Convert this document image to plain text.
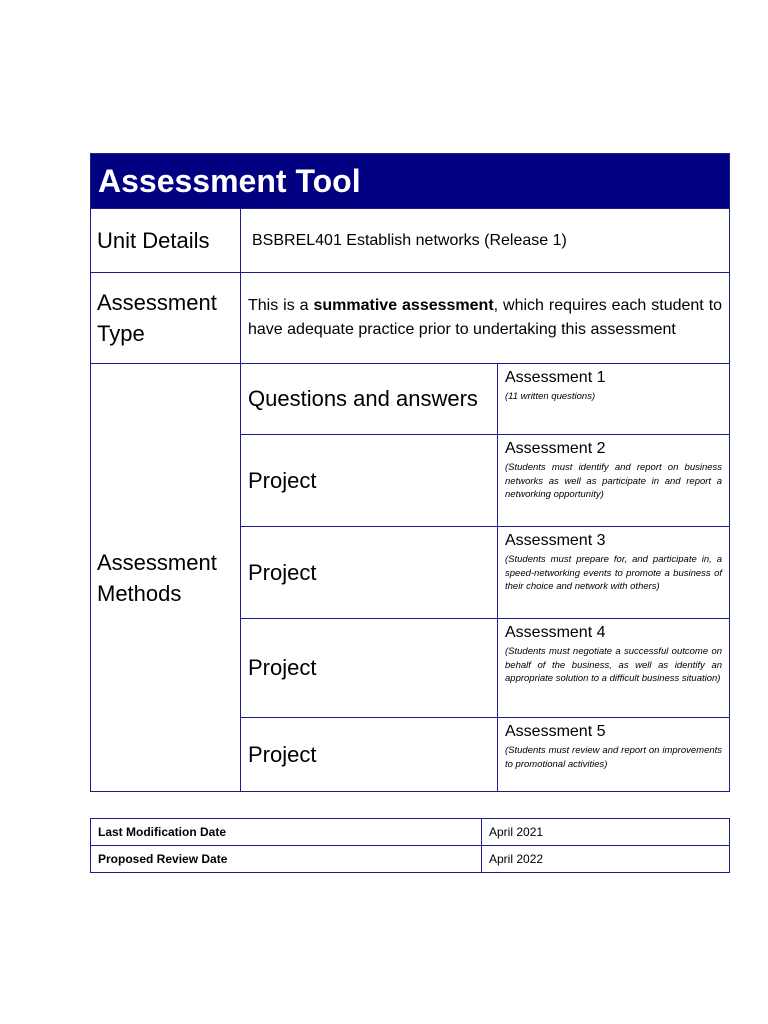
Assessment Tool		
Unit Details	BSBREL401 Establish networks (Release 1)	
Assessment Type	This is a summative assessment, which requires each student to have adequate practice prior to undertaking this assessment	
Assessment Methods	Questions and answers	Assessment 1
(11 written questions)

	Project	Assessment 2
(Students must identify and report on business networks as well as participate in and report a networking opportunity)

	Project	Assessment 3
(Students must prepare for, and participate in, a speed-networking events to promote a business of their choice and network with others)

	Project	Assessment 4
(Students must negotiate a successful outcome on behalf of the business, as well as identify an appropriate solution to a difficult business situation)

	Project	Assessment 5
(Students must review and report on improvements to promotional activities)
Last Modification Date	April 2021
Proposed Review Date	April 2022
